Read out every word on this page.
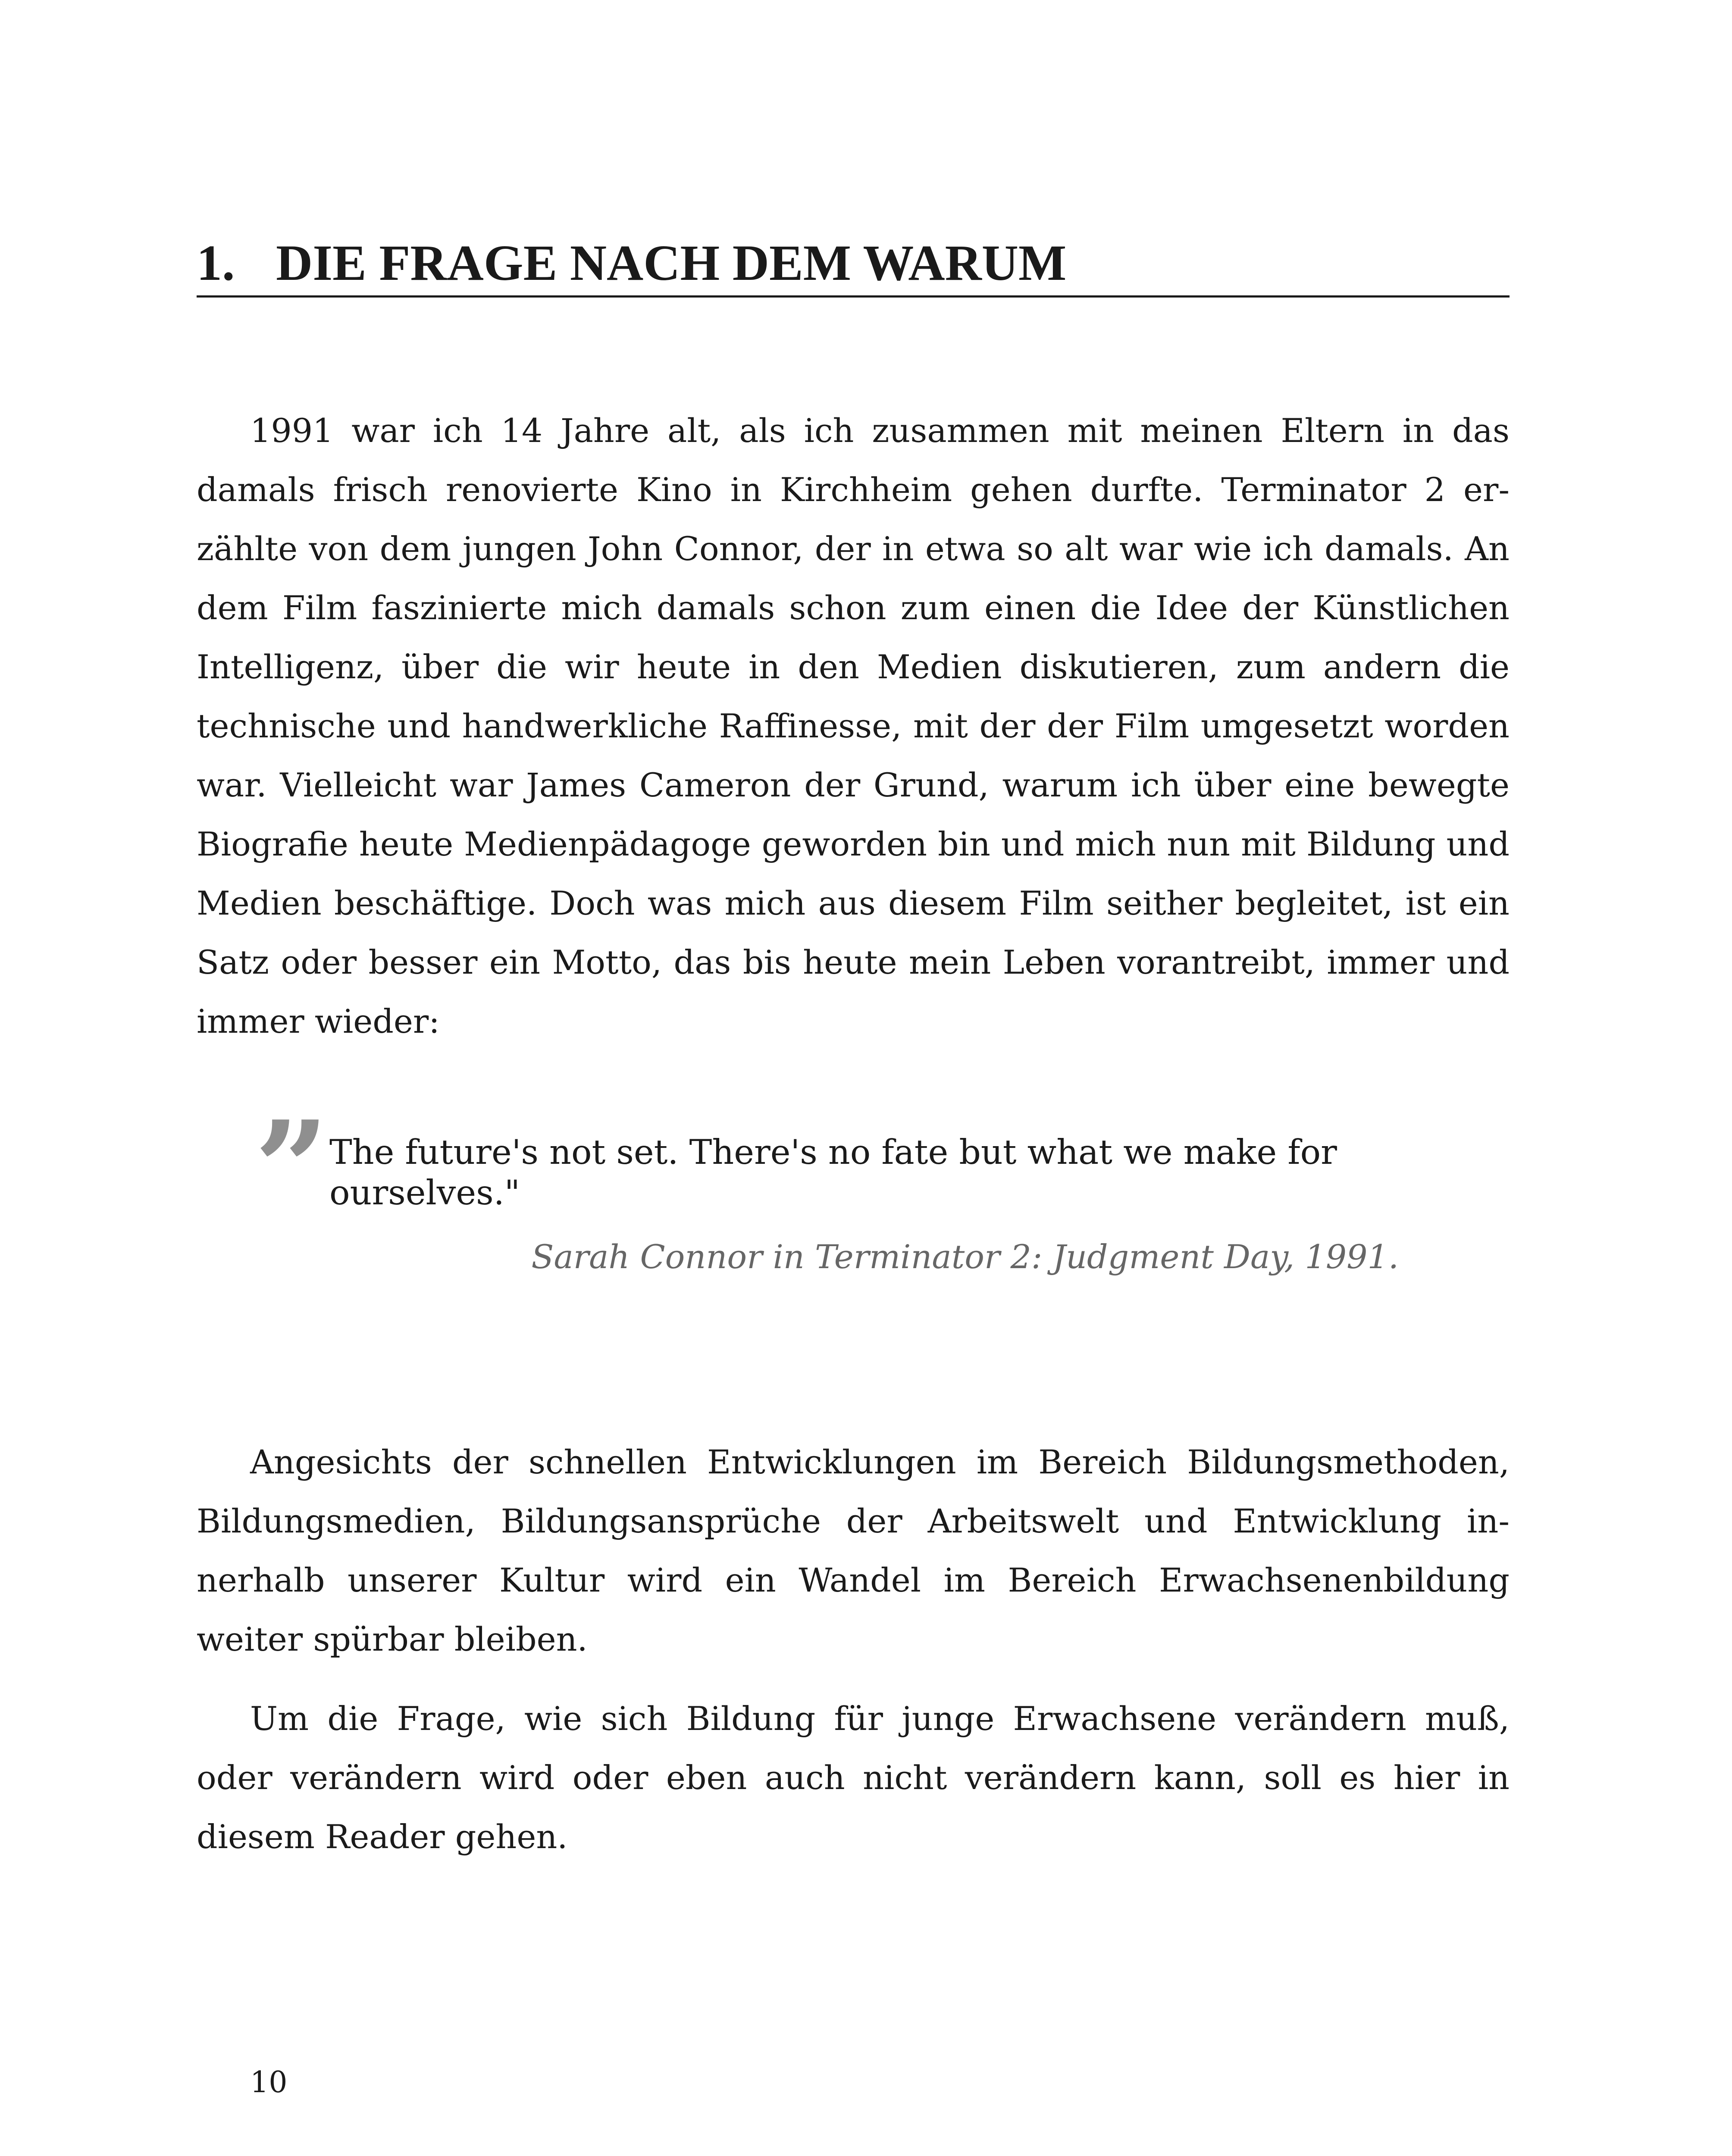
1. DIE FRAGE NACH DEM WARUM

1991 war ich 14 Jahre alt, als ich zusammen mit meinen Eltern in das damals frisch renovierte Kino in Kirchheim gehen durfte. Terminator 2 erzählte von dem jungen John Connor, der in etwa so alt war wie ich damals. An dem Film faszinierte mich damals schon zum einen die Idee der Künstlichen Intelligenz, über die wir heute in den Medien diskutieren, zum andern die technische und handwerkliche Raffinesse, mit der der Film umgesetzt worden war. Vielleicht war James Cameron der Grund, warum ich über eine bewegte Biografie heute Medienpädagoge geworden bin und mich nun mit Bildung und Medien beschäftige. Doch was mich aus diesem Film seither begleitet, ist ein Satz oder besser ein Motto, das bis heute mein Leben vorantreibt, immer und immer wieder:

” The future's not set. There's no fate but what we make for ourselves."

Sarah Connor in Terminator 2: Judgment Day, 1991.

Angesichts der schnellen Entwicklungen im Bereich Bildungsmethoden, Bildungsmedien, Bildungsansprüche der Arbeitswelt und Entwicklung innerhalb unserer Kultur wird ein Wandel im Bereich Erwachsenenbildung weiter spürbar bleiben.

Um die Frage, wie sich Bildung für junge Erwachsene verändern muß, oder verändern wird oder eben auch nicht verändern kann, soll es hier in diesem Reader gehen.

10
